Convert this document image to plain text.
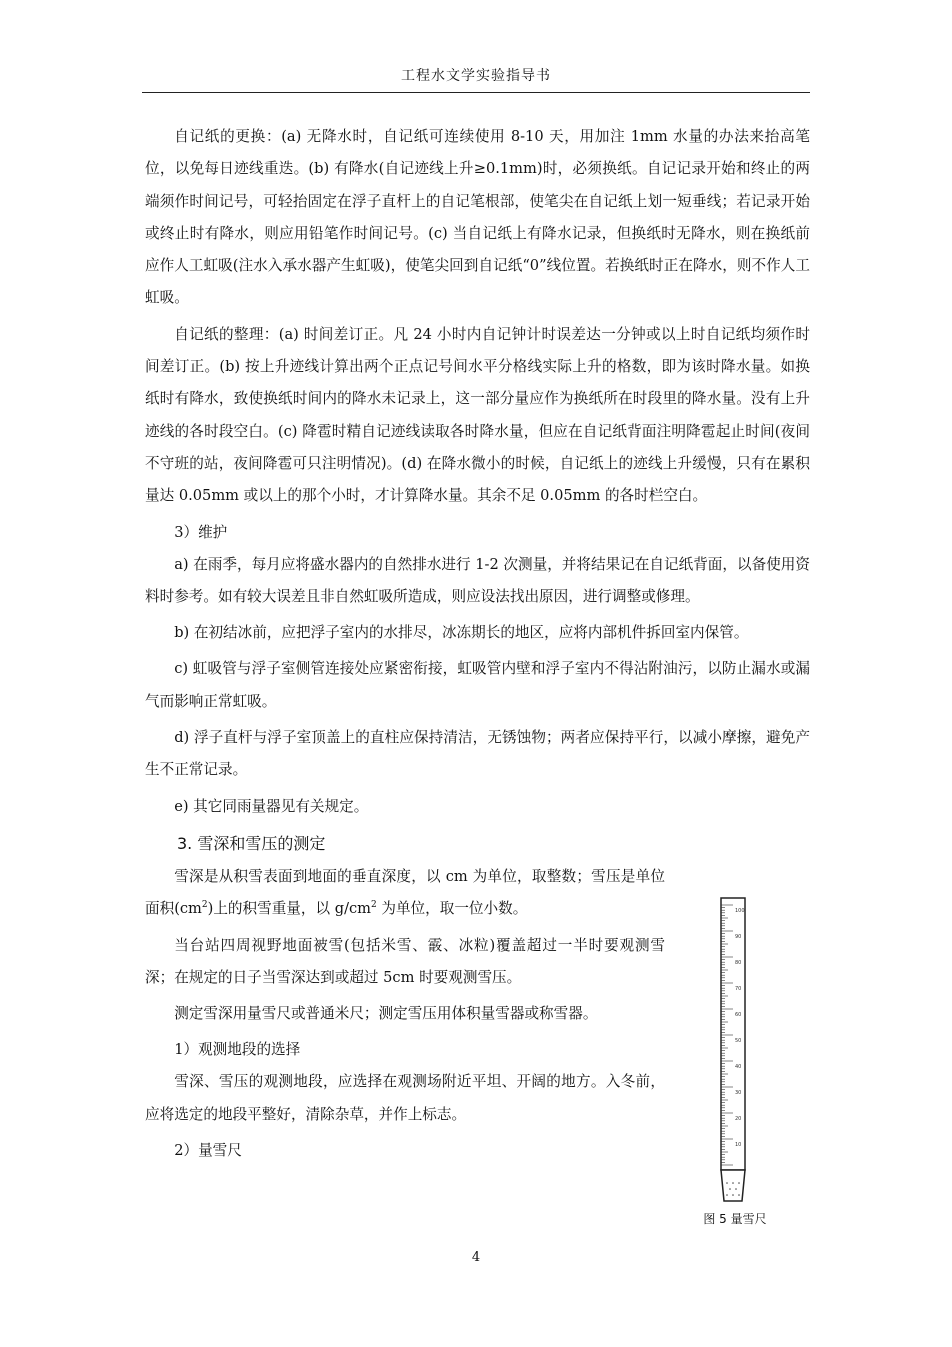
工程水文学实验指导书

自记纸的更换：(a) 无降水时，自记纸可连续使用 8-10 天，用加注 1mm 水量的办法来抬高笔位，以免每日迹线重迭。(b) 有降水(自记迹线上升≥0.1mm)时，必须换纸。自记记录开始和终止的两端须作时间记号，可轻抬固定在浮子直杆上的自记笔根部，使笔尖在自记纸上划一短垂线；若记录开始或终止时有降水，则应用铅笔作时间记号。(c) 当自记纸上有降水记录，但换纸时无降水，则在换纸前应作人工虹吸(注水入承水器产生虹吸)，使笔尖回到自记纸“0”线位置。若换纸时正在降水，则不作人工虹吸。

自记纸的整理：(a) 时间差订正。凡 24 小时内自记钟计时误差达一分钟或以上时自记纸均须作时间差订正。(b) 按上升迹线计算出两个正点记号间水平分格线实际上升的格数，即为该时降水量。如换纸时有降水，致使换纸时间内的降水未记录上，这一部分量应作为换纸所在时段里的降水量。没有上升迹线的各时段空白。(c) 降雹时精自记迹线读取各时降水量，但应在自记纸背面注明降雹起止时间(夜间不守班的站，夜间降雹可只注明情况)。(d) 在降水微小的时候，自记纸上的迹线上升缓慢，只有在累积量达 0.05mm 或以上的那个小时，才计算降水量。其余不足 0.05mm 的各时栏空白。

3）维护

a) 在雨季，每月应将盛水器内的自然排水进行 1-2 次测量，并将结果记在自记纸背面，以备使用资料时参考。如有较大误差且非自然虹吸所造成，则应设法找出原因，进行调整或修理。

b) 在初结冰前，应把浮子室内的水排尽，冰冻期长的地区，应将内部机件拆回室内保管。

c) 虹吸管与浮子室侧管连接处应紧密衔接，虹吸管内壁和浮子室内不得沾附油污，以防止漏水或漏气而影响正常虹吸。

d) 浮子直杆与浮子室顶盖上的直柱应保持清洁，无锈蚀物；两者应保持平行，以减小摩擦，避免产生不正常记录。

e) 其它同雨量器见有关规定。

3. 雪深和雪压的测定

雪深是从积雪表面到地面的垂直深度，以 cm 为单位，取整数；雪压是单位面积$(cm^2)$上的积雪重量，以 $g/cm^2$ 为单位，取一位小数。

当台站四周视野地面被雪(包括米雪、霰、冰粒)覆盖超过一半时要观测雪深；在规定的日子当雪深达到或超过 5cm 时要观测雪压。

测定雪深用量雪尺或普通米尺；测定雪压用体积量雪器或称雪器。

1）观测地段的选择

雪深、雪压的观测地段，应选择在观测场附近平坦、开阔的地方。入冬前，应将选定的地段平整好，清除杂草，并作上标志。

2）量雪尺

100
90
80
70
60
50
40
30
20
10
图 5 量雪尺
4
